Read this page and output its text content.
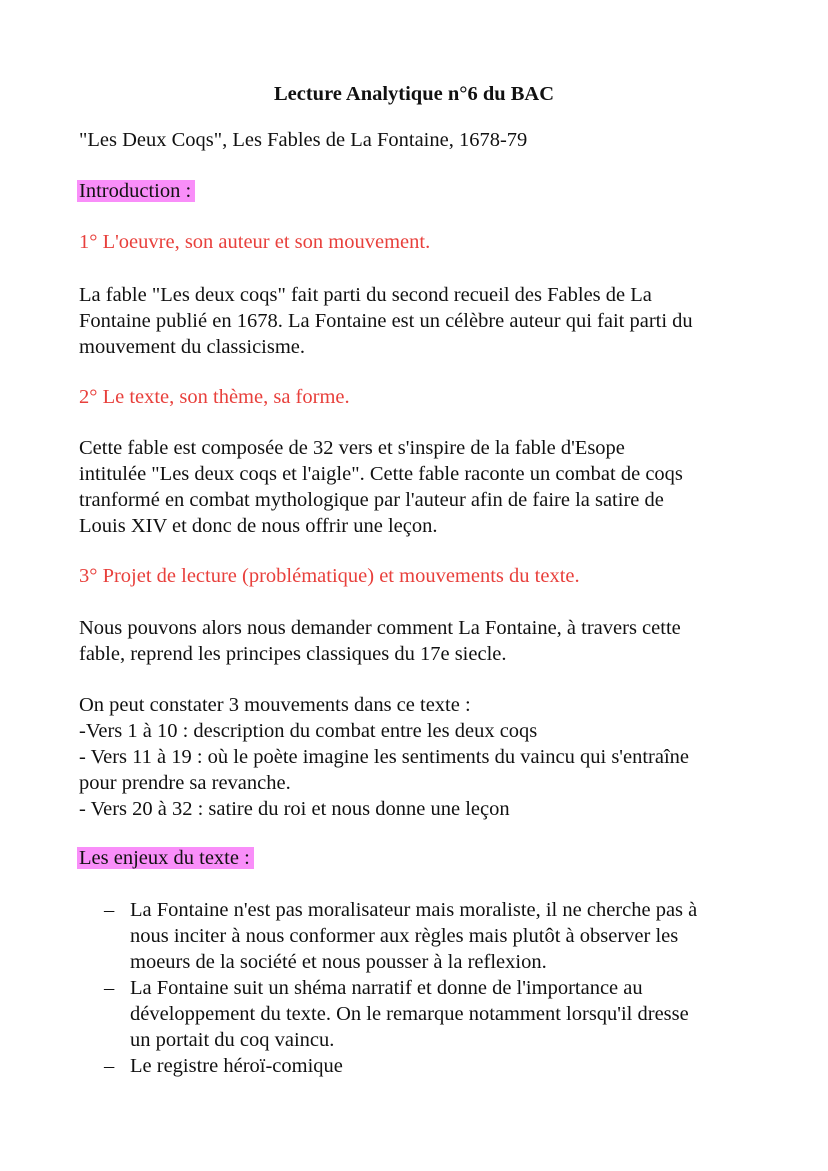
Lecture Analytique n°6 du BAC
"Les Deux Coqs", Les Fables de La Fontaine, 1678-79
Introduction :
1° L'oeuvre, son auteur et son mouvement.
La fable "Les deux coqs" fait parti du second recueil des Fables de La
Fontaine publié en 1678. La Fontaine est un célèbre auteur qui fait parti du
mouvement du classicisme.
2° Le texte, son thème, sa forme.
Cette fable est composée de 32 vers et s'inspire de la fable d'Esope
intitulée "Les deux coqs et l'aigle". Cette fable raconte un combat de coqs
tranformé en combat mythologique par l'auteur afin de faire la satire de
Louis XIV et donc de nous offrir une leçon.
3° Projet de lecture (problématique) et mouvements du texte.
Nous pouvons alors nous demander comment La Fontaine, à travers cette
fable, reprend les principes classiques du 17e siecle.
On peut constater 3 mouvements dans ce texte :
-Vers 1 à 10 : description du combat entre les deux coqs
- Vers 11 à 19 : où le poète imagine les sentiments du vaincu qui s'entraîne
pour prendre sa revanche.
- Vers 20 à 32 : satire du roi et nous donne une leçon
Les enjeux du texte :
– La Fontaine n'est pas moralisateur mais moraliste, il ne cherche pas à
nous inciter à nous conformer aux règles mais plutôt à observer les
moeurs de la société et nous pousser à la reflexion.
– La Fontaine suit un shéma narratif et donne de l'importance au
développement du texte. On le remarque notamment lorsqu'il dresse
un portait du coq vaincu.
– Le registre héroï-comique
